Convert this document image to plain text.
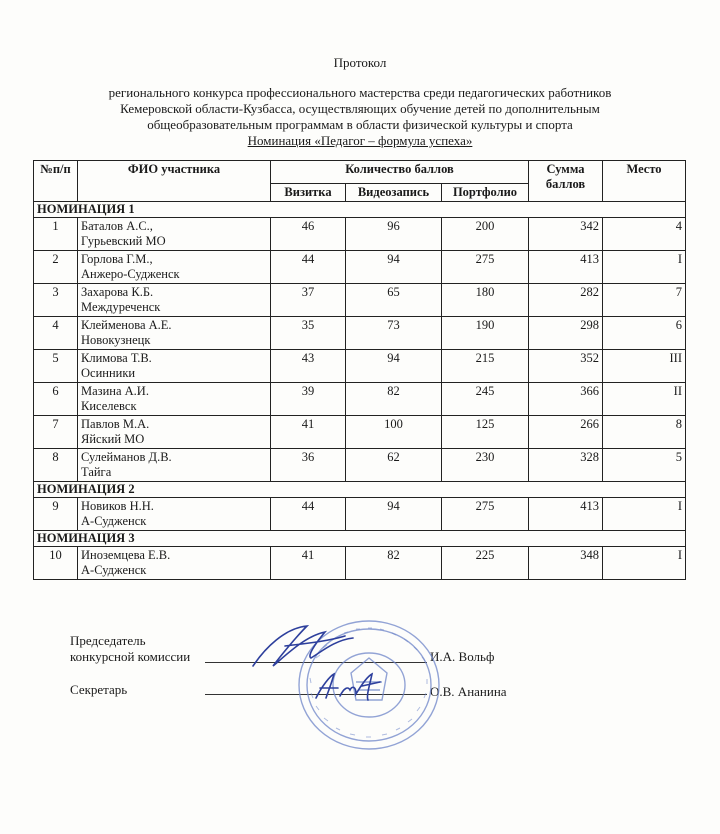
Протокол
регионального конкурса профессионального мастерства среди педагогических работников
Кемеровской области-Кузбасса, осуществляющих обучение детей по дополнительным
общеобразовательным программам в области физической культуры и спорта
Номинация «Педагог – формула успеха»
№п/п	ФИО участника	Количество баллов			Сумма баллов	Место
		Визитка	Видеозапись	Портфолио		
НОМИНАЦИЯ 1						
1	Баталов А.С.,
Гурьевский МО	46	96	200	342	4
2	Горлова Г.М.,
Анжеро-Судженск	44	94	275	413	I
3	Захарова К.Б.
Междуреченск	37	65	180	282	7
4	Клейменова А.Е.
Новокузнецк	35	73	190	298	6
5	Климова Т.В.
Осинники	43	94	215	352	III
6	Мазина А.И.
Киселевск	39	82	245	366	II
7	Павлов М.А.
Яйский МО	41	100	125	266	8
8	Сулейманов Д.В.
Тайга	36	62	230	328	5
НОМИНАЦИЯ 2						
9	Новиков Н.Н.
А-Судженск	44	94	275	413	I
НОМИНАЦИЯ 3						
10	Иноземцева Е.В.
А-Судженск	41	82	225	348	I
Председатель
конкурсной комиссии	И.А. Вольф
Секретарь	О.В. Ананина
